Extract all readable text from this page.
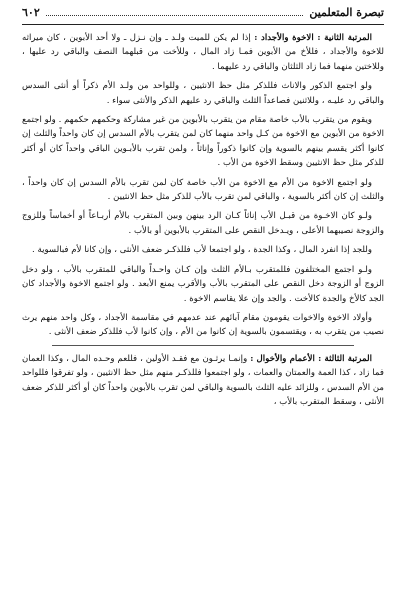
تبصرة المتعلمين
٦٠٢

المرتبة الثانية : الاخوة والأجداد : إذا لم يكن للميت ولـد ـ وإن نـزل ـ ولا أحد الأبوين ، كان ميراثه للاخوة والأجداد ، فللأخ من الأبوين فمـا زاد المال ، وللأخت من قبلهما النصف والباقي رد عليها ، وللاختين منهما فما زاد الثلثان والباقي رد عليهما .

ولو اجتمع الذكور والاناث فللذكر مثل حظ الانثيين ، وللواحد من ولـد الأم ذكراً أو أنثى السدس والباقي رد عليـه ، وللاثنين فصاعداً الثلث والباقي رد عليهم الذكر والأنثى سواء .

ويقوم من يتقرب بالأب خاصة مقام من يتقرب بالأبوين من غير مشاركة وحكمهم حكمهم . ولو اجتمع الاخوة من الأبوين مع الاخوة من كـل واحد منهما كان لمن يتقرب بالأم السدس إن كان واحداً والثلث إن كانوا أكثر يقسم بينهم بالسوية وإن كانوا ذكوراً وإناثاً ، ولمن تقرب بالأبـوين الباقي واحداً كان أو أكثر للذكر مثل حظ الانثيين وسقط الاخوة من الأب .

ولو اجتمع الاخوة من الأم مع الاخوة من الأب خاصة كان لمن تقرب بالأم السدس إن كان واحداً ، والثلث إن كان أكثر بالسوية ، والباقي لمن تقرب بالأب للذكر مثل حظ الانثيين .

ولـو كان الاخـوة من قبـل الأب إناثاً كـان الرد بينهن وبين المتقرب بالأم أربـاعاً أو أخماساً وللزوج والزوجة نصيبهما الأعلى ، ويـدخل النقص على المتقرب بالأبوين أو بالأب .

وللجد إذا انفرد المال ، وكذا الجدة ، ولو اجتمعا لأب فللذكـر ضعف الأنثى ، وإن كانا لأم فبالسوية .

ولـو اجتمع المختلفون فللمتقرب بـالأم الثلث وإن كـان واحـداً والباقي للمتقرب بالأب ، ولو دخل الزوج أو الزوجة دخل النقص على المتقرب بالأب والأقرب يمنع الأبعد . ولو اجتمع الاخوة والأجداد كان الجد كالأخ والجدة كالأخت . والجد وإن علا يقاسم الاخوة .

وأولاد الاخوة والاخوات يقومون مقام آبائهم عند عدمهم في مقاسمة الأجداد ، وكل واحد منهم يرث نصيب من يتقرب به ، ويقتسمون بالسوية إن كانوا من الأم ، وإن كانوا لأب فللذكر ضعف الأنثى .

المرتبة الثالثة : الأعمام والأخوال : وإنمـا يرثـون مع فقـد الأولين ، فللعم وحـده المال ، وكذا العمان فما زاد ، كذا العمة والعمتان والعمات ، ولو اجتمعوا فللذكـر منهم مثل حظ الانثيين ، ولو تفرقوا فللواحد من الأم السدس ، وللزائد عليه الثلث بالسوية والباقي لمن تقرب بالأبوين واحداً كان أو أكثر للذكر ضعف الأنثى ، وسقط المتقرب بالأب ،
